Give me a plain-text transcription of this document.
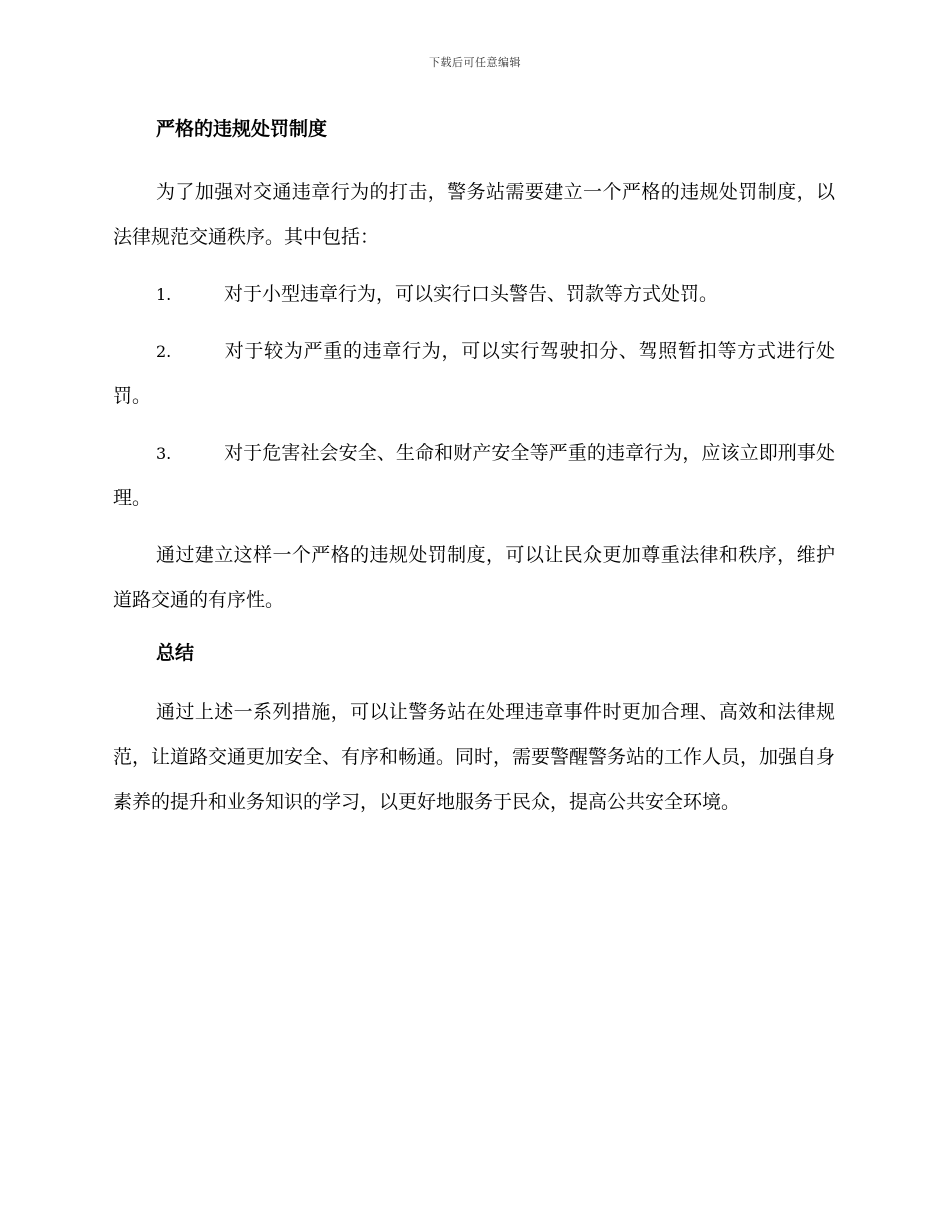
下载后可任意编辑
严格的违规处罚制度

为了加强对交通违章行为的打击，警务站需要建立一个严格的违规处罚制度，以法律规范交通秩序。其中包括：

1.	对于小型违章行为，可以实行口头警告、罚款等方式处罚。
2.	对于较为严重的违章行为，可以实行驾驶扣分、驾照暂扣等方式进行处罚。
3.	对于危害社会安全、生命和财产安全等严重的违章行为，应该立即刑事处理。

通过建立这样一个严格的违规处罚制度，可以让民众更加尊重法律和秩序，维护道路交通的有序性。

总结

通过上述一系列措施，可以让警务站在处理违章事件时更加合理、高效和法律规范，让道路交通更加安全、有序和畅通。同时，需要警醒警务站的工作人员，加强自身素养的提升和业务知识的学习，以更好地服务于民众，提高公共安全环境。
